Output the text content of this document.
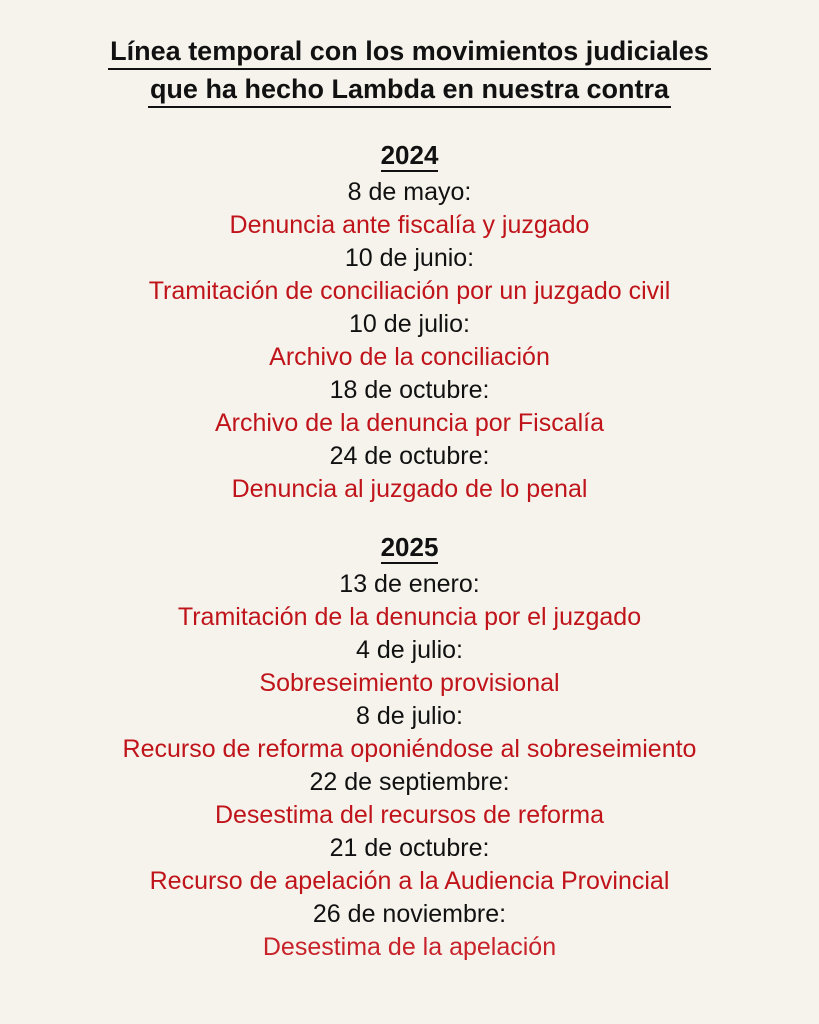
Línea temporal con los movimientos judiciales
que ha hecho Lambda en nuestra contra
2024
8 de mayo:
Denuncia ante fiscalía y juzgado
10 de junio:
Tramitación de conciliación por un juzgado civil
10 de julio:
Archivo de la conciliación
18 de octubre:
Archivo de la denuncia por Fiscalía
24 de octubre:
Denuncia al juzgado de lo penal
2025
13 de enero:
Tramitación de la denuncia por el juzgado
4 de julio:
Sobreseimiento provisional
8 de julio:
Recurso de reforma oponiéndose al sobreseimiento
22 de septiembre:
Desestima del recursos de reforma
21 de octubre:
Recurso de apelación a la Audiencia Provincial
26 de noviembre:
Desestima de la apelación
